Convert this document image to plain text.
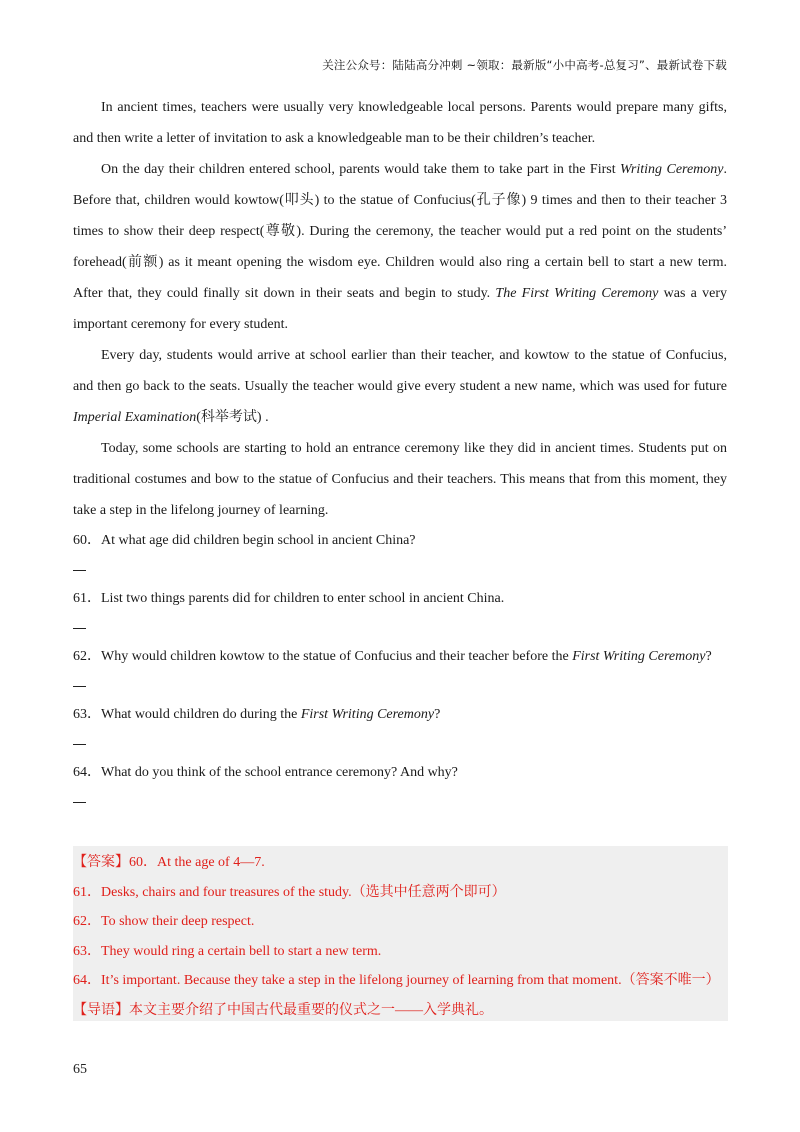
关注公众号：陆陆高分冲刺 ~领取：最新版“小中高考-总复习”、最新试卷下载

In ancient times, teachers were usually very knowledgeable local persons. Parents would prepare many gifts, and then write a letter of invitation to ask a knowledgeable man to be their children’s teacher.

On the day their children entered school, parents would take them to take part in the First Writing Ceremony. Before that, children would kowtow(叩头) to the statue of Confucius(孔子像) 9 times and then to their teacher 3 times to show their deep respect(尊敬). During the ceremony, the teacher would put a red point on the students’ forehead(前额) as it meant opening the wisdom eye. Children would also ring a certain bell to start a new term. After that, they could finally sit down in their seats and begin to study. The First Writing Ceremony was a very important ceremony for every student.

Every day, students would arrive at school earlier than their teacher, and kowtow to the statue of Confucius, and then go back to the seats. Usually the teacher would give every student a new name, which was used for future Imperial Examination(科举考试) .

Today, some schools are starting to hold an entrance ceremony like they did in ancient times. Students put on traditional costumes and bow to the statue of Confucius and their teachers. This means that from this moment, they take a step in the lifelong journey of learning.

60．At what age did children begin school in ancient China?

61．List two things parents did for children to enter school in ancient China.

62．Why would children kowtow to the statue of Confucius and their teacher before the First Writing Ceremony?

63．What would children do during the First Writing Ceremony?

64．What do you think of the school entrance ceremony? And why?

【答案】60．At the age of 4—7.

61．Desks, chairs and four treasures of the study.（选其中任意两个即可）

62．To show their deep respect.

63．They would ring a certain bell to start a new term.

64．It’s important. Because they take a step in the lifelong journey of learning from that moment.（答案不唯一）

【导语】本文主要介绍了中国古代最重要的仪式之一——入学典礼。

65
